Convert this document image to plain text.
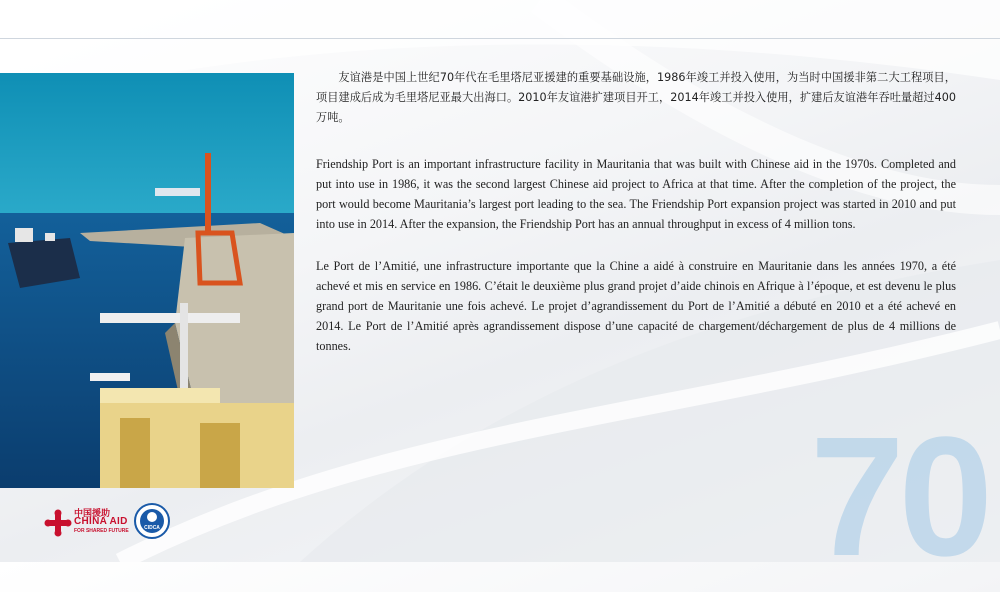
友谊港是中国上世纪70年代在毛里塔尼亚援建的重要基础设施，1986年竣工并投入使用，为当时中国援非第二大工程项目，项目建成后成为毛里塔尼亚最大出海口。2010年友谊港扩建项目开工，2014年竣工并投入使用，扩建后友谊港年吞吐量超过400万吨。

Friendship Port is an important infrastructure facility in Mauritania that was built with Chinese aid in the 1970s. Completed and put into use in 1986, it was the second largest Chinese aid project to Africa at that time. After the completion of the project, the port would become Mauritania’s largest port leading to the sea. The Friendship Port expansion project was started in 2010 and put into use in 2014. After the expansion, the Friendship Port has an annual throughput in excess of 4 million tons.

Le Port de l’Amitié, une infrastructure importante que la Chine a aidé à construire en Mauritanie dans les années 1970, a été achevé et mis en service en 1986. C’était le deuxième plus grand projet d’aide chinois en Afrique à l’époque, et est devenu le plus grand port de Mauritanie une fois achevé. Le projet d’agrandissement du Port de l’Amitié a débuté en 2010 et a été achevé en 2014. Le Port de l’Amitié après agrandissement dispose d’une capacité de chargement/déchargement de plus de 4 millions de tonnes.

70
中国援助
CHINA AID
FOR SHARED FUTURE	CIDCA
